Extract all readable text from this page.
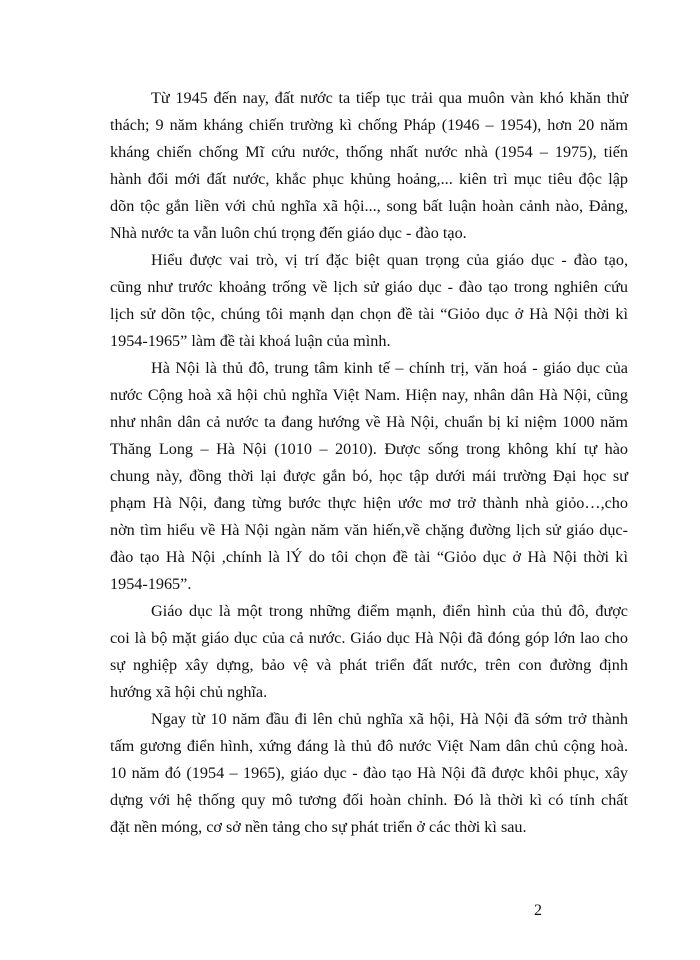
Từ 1945 đến nay, đất nước ta tiếp tục trải qua muôn vàn khó khăn thử
thách; 9 năm kháng chiến trường kì chống Pháp (1946 – 1954), hơn 20 năm
kháng chiến chống Mĩ cứu nước, thống nhất nước nhà (1954 – 1975), tiến
hành đổi mới đất nước, khắc phục khủng hoảng,... kiên trì mục tiêu độc lập
dõn tộc gắn liền với chủ nghĩa xã hội..., song bất luận hoàn cảnh nào, Đảng,
Nhà nước ta vẫn luôn chú trọng đến giáo dục - đào tạo.
Hiểu được vai trò, vị trí đặc biệt quan trọng của giáo dục - đào tạo,
cũng như trước khoảng trống về lịch sử giáo dục - đào tạo trong nghiên cứu
lịch sử dõn tộc, chúng tôi mạnh dạn chọn đề tài “Giỏo dục ở Hà Nội thời kì
1954-1965” làm đề tài khoá luận của mình.
Hà Nội là thủ đô, trung tâm kinh tế – chính trị, văn hoá - giáo dục của
nước Cộng hoà xã hội chủ nghĩa Việt Nam. Hiện nay, nhân dân Hà Nội, cũng
như nhân dân cả nước ta đang hướng về Hà Nội, chuẩn bị kỉ niệm 1000 năm
Thăng Long – Hà Nội (1010 – 2010). Được sống trong không khí tự hào
chung này, đồng thời lại được gắn bó, học tập dưới mái trường Đại học sư
phạm Hà Nội, đang từng bước thực hiện ước mơ trở thành nhà giỏo…,cho
nờn tìm hiểu về Hà Nội ngàn năm văn hiến,về chặng đường lịch sử giáo dục-
đào tạo Hà Nội ,chính là lÝ do tôi chọn đề tài “Giỏo dục ở Hà Nội thời kì
1954-1965”.
Giáo dục là một trong những điểm mạnh, điển hình của thủ đô, được
coi là bộ mặt giáo dục của cả nước. Giáo dục Hà Nội đã đóng góp lớn lao cho
sự nghiệp xây dựng, bảo vệ và phát triển đất nước, trên con đường định
hướng xã hội chủ nghĩa.
Ngay từ 10 năm đầu đi lên chủ nghĩa xã hội, Hà Nội đã sớm trở thành
tấm gương điển hình, xứng đáng là thủ đô nước Việt Nam dân chủ cộng hoà.
10 năm đó (1954 – 1965), giáo dục - đào tạo Hà Nội đã được khôi phục, xây
dựng với hệ thống quy mô tương đối hoàn chỉnh. Đó là thời kì có tính chất
đặt nền móng, cơ sở nền tảng cho sự phát triển ở các thời kì sau.
2
